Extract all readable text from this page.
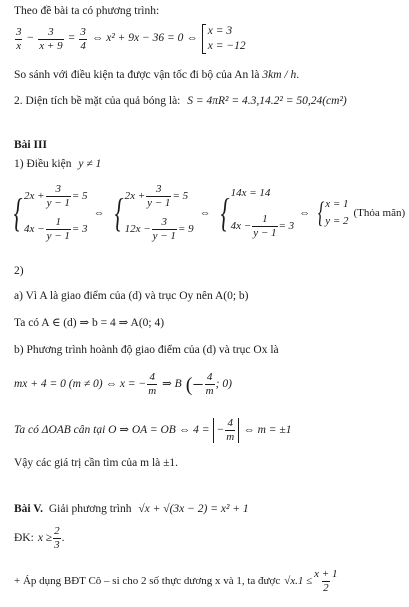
Theo đề bài ta có phương trình:
$\frac{3}{x} - \frac{3}{x + 9} = \frac{3}{4}$ ⇔ x² + 9x − 36 = 0 ⇔
x = 3
x = −12
So sánh với điều kiện ta được vận tốc đi bộ của An là 3km / h.
2. Diện tích bề mặt của quả bóng là: S = 4πR² = 4.3,14.2² = 50,24(cm²)
Bài III
1) Điều kiện y ≠ 1
{ $2x + \frac{3}{y - 1} = 5$
$4x - \frac{1}{y - 1} = 3$
⇔ { $2x + \frac{3}{y - 1} = 5$
$12x - \frac{3}{y - 1} = 9$
⇔ { 14x = 14
$4x - \frac{1}{y - 1} = 3$
⇔ { x = 1
y = 2
(Thỏa mãn)
2)
a) Vì A là giao điểm của (d) và trục Oy nên A(0; b)
Ta có A ∈ (d) ⇒ b = 4 ⇒ A(0; 4)
b) Phương trình hoành độ giao điểm của (d) và trục Ox là
mx + 4 = 0 (m ≠ 0) ⇔ x = − $\frac{4}{m}$ ⇒ B (− $\frac{4}{m}$ ; 0)
Ta có ΔOAB cân tại O ⇒ OA = OB ⇔ 4 = − $\frac{4}{m}$ ⇔ m = ±1
Vậy các giá trị cần tìm của m là ±1.
Bài V. Giải phương trình √x + √(3x − 2) = x² + 1
ĐK: $x \ge \frac{2}{3}$ .
+ Áp dụng BĐT Cô – si cho 2 số thực dương x và 1, ta được $√x.1 \le \frac{x + 1}{2}$
